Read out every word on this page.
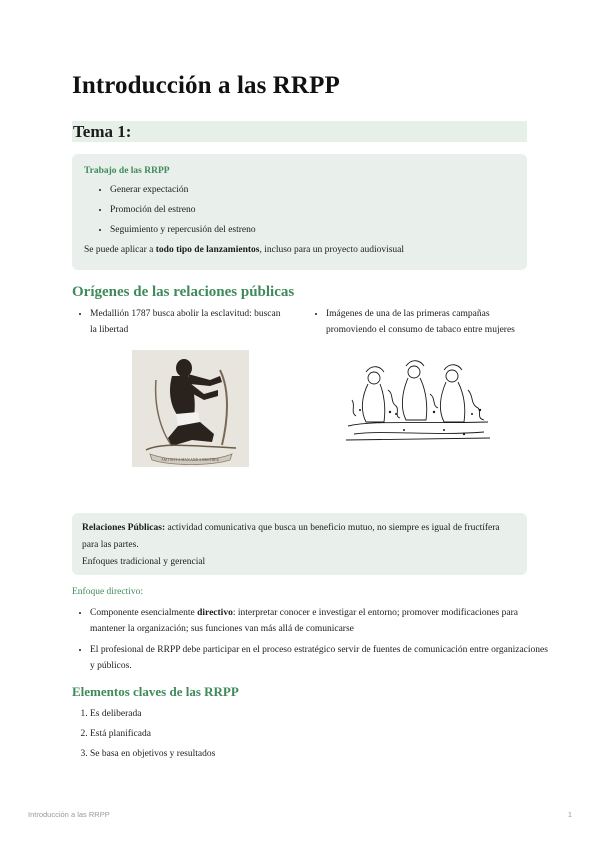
Introducción a las RRPP
Tema 1:

Trabajo de las RRPP

• Generar expectación
• Promoción del estreno
• Seguimiento y repercusión del estreno

Se puede aplicar a todo tipo de lanzamientos, incluso para un proyecto audiovisual

Orígenes de las relaciones públicas
• Medallión 1787 busca abolir la esclavitud: buscan la libertad
• Imágenes de una de las primeras campañas promoviendo el consumo de tabaco entre mujeres
AM I NOT A MAN AND A BROTHER

Relaciones Públicas: actividad comunicativa que busca un beneficio mutuo, no siempre es igual de fructífera para las partes.

Enfoques tradicional y gerencial

Enfoque directivo:
• Componente esencialmente directivo: interpretar conocer e investigar el entorno; promover modificaciones para mantener la organización; sus funciones van más allá de comunicarse
• El profesional de RRPP debe participar en el proceso estratégico servir de fuentes de comunicación entre organizaciones y públicos.
Elementos claves de las RRPP
1. Es deliberada
2. Está planificada
3. Se basa en objetivos y resultados
Introducción a las RRPP	1
